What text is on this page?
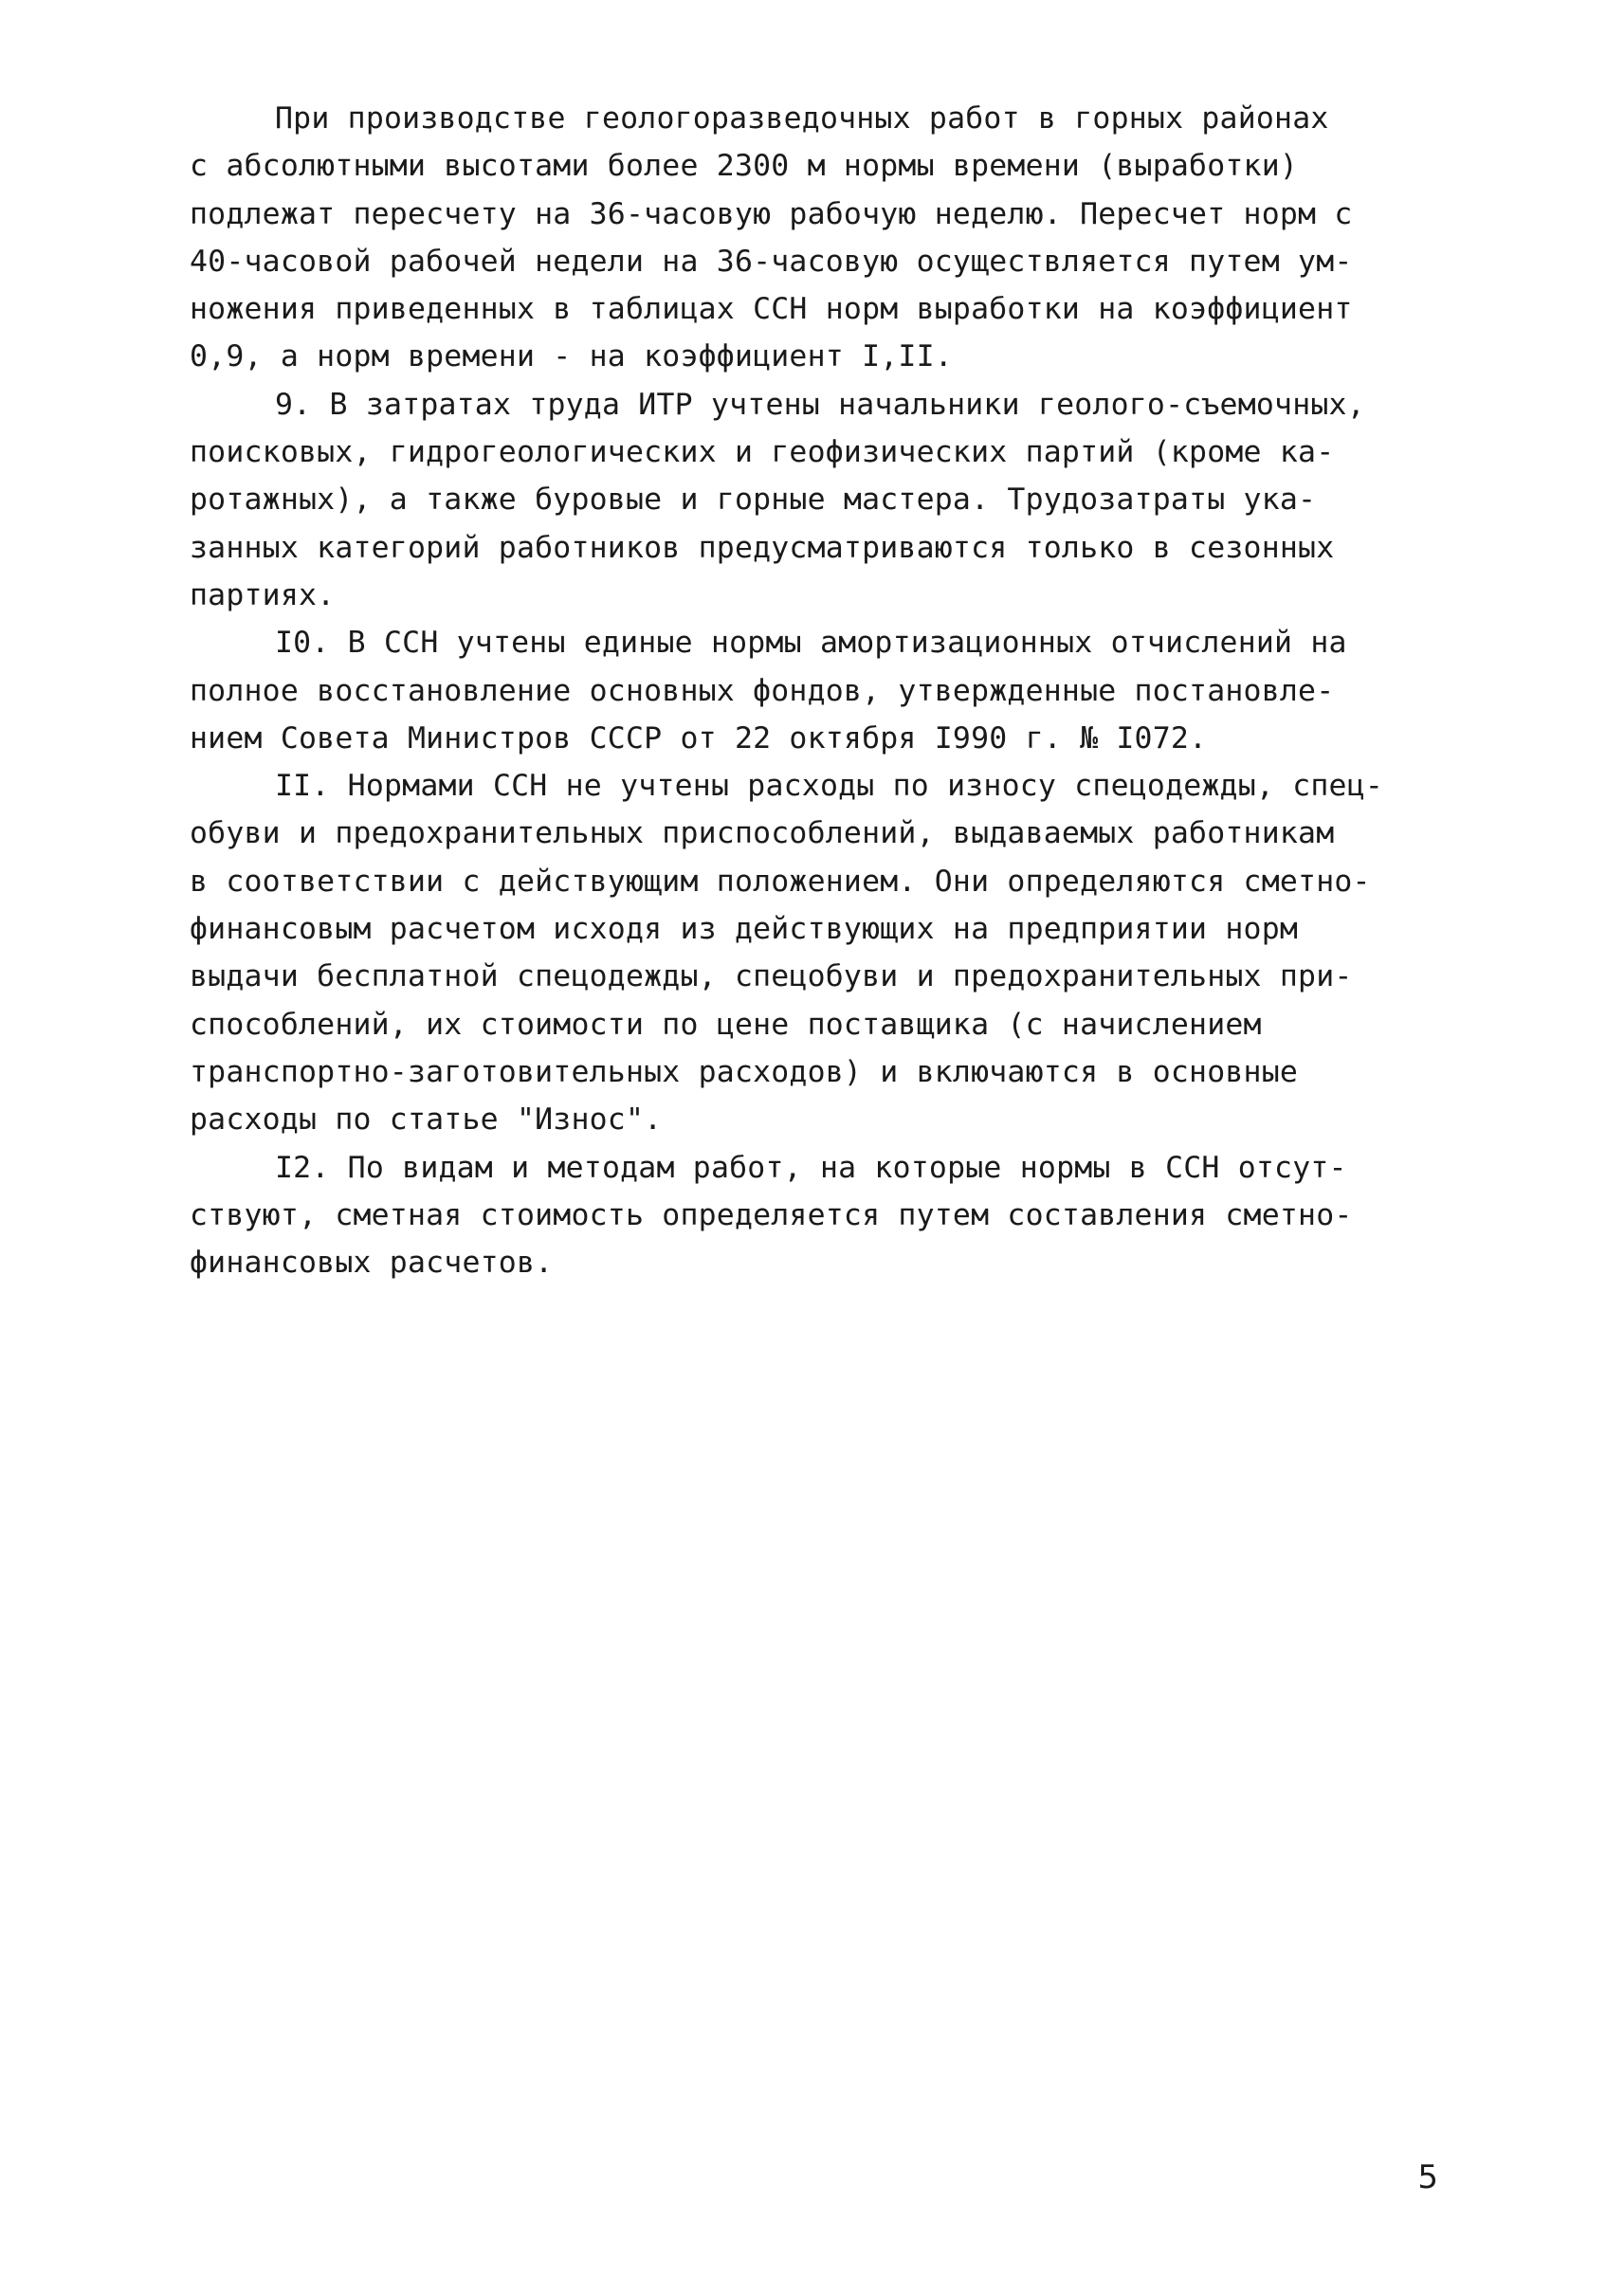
При производстве геологоразведочных работ в горных районах
с абсолютными высотами более 2300 м нормы времени (выработки)
подлежат пересчету на 36-часовую рабочую неделю. Пересчет норм с
40-часовой рабочей недели на 36-часовую осуществляется путем ум-
ножения приведенных в таблицах ССН норм выработки на коэффициент
0,9, а норм времени - на коэффициент I,II.
9. В затратах труда ИТР учтены начальники геолого-съемочных,
поисковых, гидрогеологических и геофизических партий (кроме ка-
ротажных), а также буровые и горные мастера. Трудозатраты ука-
занных категорий работников предусматриваются только в сезонных
партиях.
I0. В ССН учтены единые нормы амортизационных отчислений на
полное восстановление основных фондов, утвержденные постановле-
нием Совета Министров СССР от 22 октября I990 г. № I072.
II. Нормами ССН не учтены расходы по износу спецодежды, спец-
обуви и предохранительных приспособлений, выдаваемых работникам
в соответствии с действующим положением. Они определяются сметно-
финансовым расчетом исходя из действующих на предприятии норм
выдачи бесплатной спецодежды, спецобуви и предохранительных при-
способлений, их стоимости по цене поставщика (с начислением
транспортно-заготовительных расходов) и включаются в основные
расходы по статье "Износ".
I2. По видам и методам работ, на которые нормы в ССН отсут-
ствуют, сметная стоимость определяется путем составления сметно-
финансовых расчетов.
5
